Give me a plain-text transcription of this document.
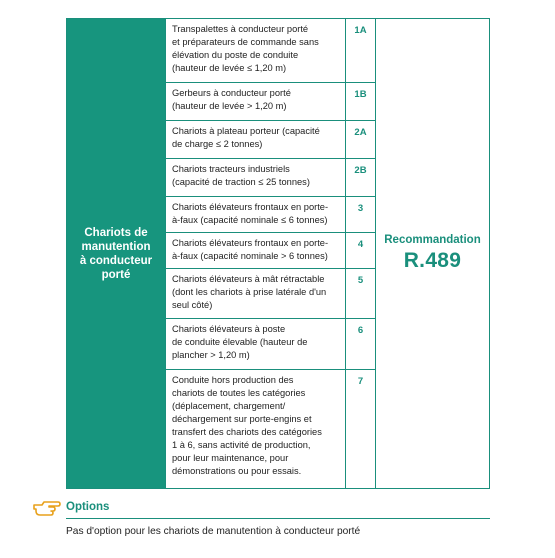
Chariots de
manutention
à conducteur
porté
Transpalettes à conducteur porté
et préparateurs de commande sans
élévation du poste de conduite
(hauteur de levée ≤ 1,20 m)
1A
Gerbeurs à conducteur porté
(hauteur de levée > 1,20 m)
1B
Chariots à plateau porteur (capacité
de charge ≤ 2 tonnes)
2A
Chariots tracteurs industriels
(capacité de traction ≤ 25 tonnes)
2B
Chariots élévateurs frontaux en porte-
à-faux (capacité nominale ≤ 6 tonnes)
3
Chariots élévateurs frontaux en porte-
à-faux (capacité nominale > 6 tonnes)
4
Chariots élévateurs à mât rétractable
(dont les chariots à prise latérale d'un
seul côté)
5
Chariots élévateurs à poste
de conduite élevable (hauteur de
plancher > 1,20 m)
6
Conduite hors production des
chariots de toutes les catégories
(déplacement, chargement/
déchargement sur porte-engins et
transfert des chariots des catégories
1 à 6, sans activité de production,
pour leur maintenance, pour
démonstrations ou pour essais.
7
Recommandation
R.489
Options
Pas d'option pour les chariots de manutention à conducteur porté
